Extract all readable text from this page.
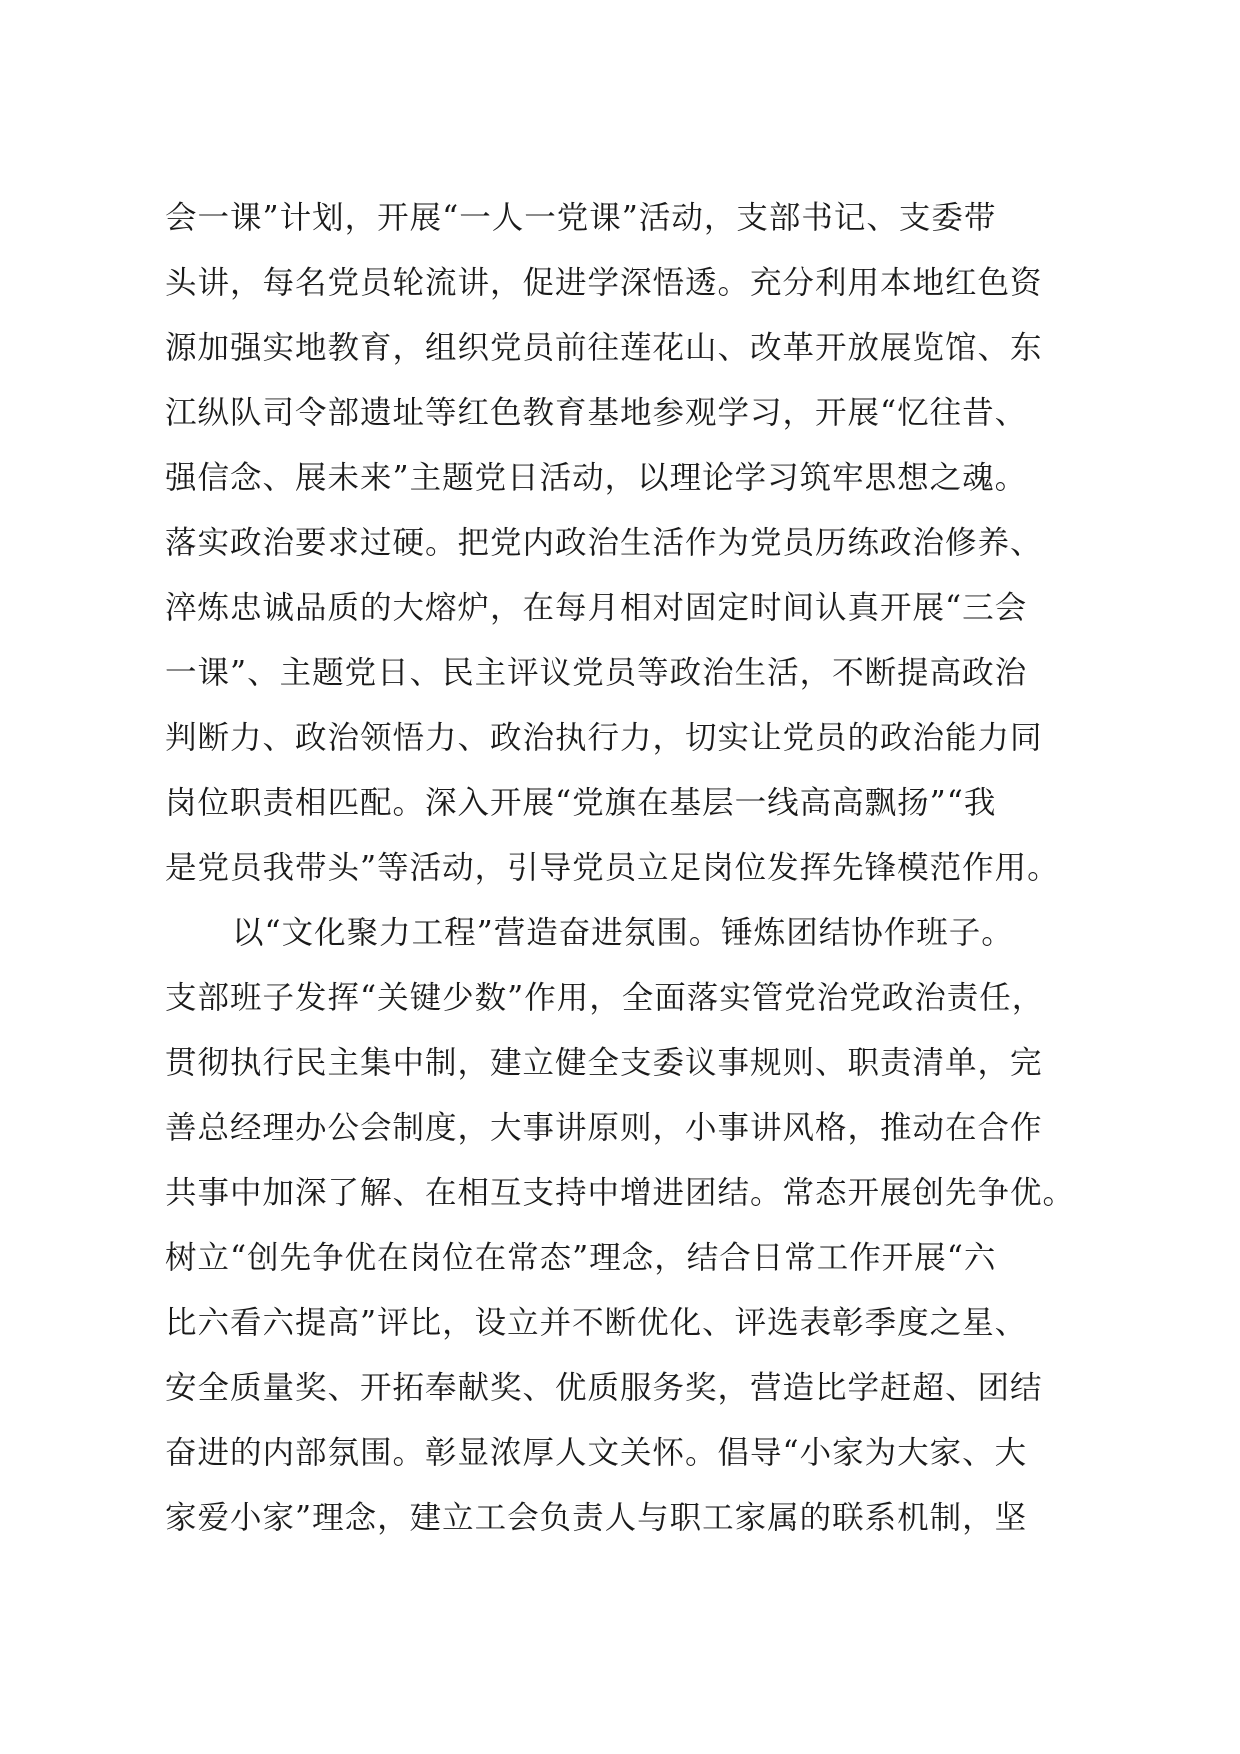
会一课”计划，开展“一人一党课”活动，支部书记、支委带
头讲，每名党员轮流讲，促进学深悟透。充分利用本地红色资
源加强实地教育，组织党员前往莲花山、改革开放展览馆、东
江纵队司令部遗址等红色教育基地参观学习，开展“忆往昔、
强信念、展未来”主题党日活动，以理论学习筑牢思想之魂。
落实政治要求过硬。把党内政治生活作为党员历练政治修养、
淬炼忠诚品质的大熔炉，在每月相对固定时间认真开展“三会
一课”、主题党日、民主评议党员等政治生活，不断提高政治
判断力、政治领悟力、政治执行力，切实让党员的政治能力同
岗位职责相匹配。深入开展“党旗在基层一线高高飘扬”“我
是党员我带头”等活动，引导党员立足岗位发挥先锋模范作用。
以“文化聚力工程”营造奋进氛围。锤炼团结协作班子。
支部班子发挥“关键少数”作用，全面落实管党治党政治责任，
贯彻执行民主集中制，建立健全支委议事规则、职责清单，完
善总经理办公会制度，大事讲原则，小事讲风格，推动在合作
共事中加深了解、在相互支持中增进团结。常态开展创先争优。
树立“创先争优在岗位在常态”理念，结合日常工作开展“六
比六看六提高”评比，设立并不断优化、评选表彰季度之星、
安全质量奖、开拓奉献奖、优质服务奖，营造比学赶超、团结
奋进的内部氛围。彰显浓厚人文关怀。倡导“小家为大家、大
家爱小家”理念，建立工会负责人与职工家属的联系机制，坚
